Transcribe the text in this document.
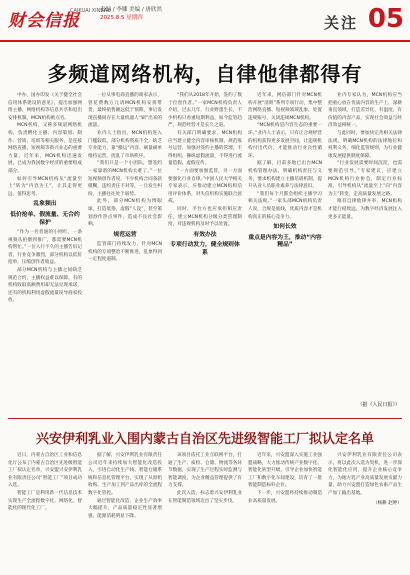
财会信报
CAIKUAI XINBAO
责编 / 李娜 美编 / 唐欣然
2025.8.5 星期四	关注 05
多频道网络机构，自律他律都得有

中办、国办印发《关于健全社会信用体系建设的意见》，提出加强网络主播、网络机构等信息共享和退出安排机制。MCN机构被点名。

MCN机构，又称多频道网络机构，负责孵化主播、内容策划、制作、营销、培训等相关服务，是连接网络直播、短视频等新兴业态的重要力量。近年来，MCN机构迅速发展，已成为我国数字经济的重要组成部分。

如何引导MCN机构从“流量至上”转为“内容为王”，让其走得更远，值得思考。

乱象频出
低价抢单、假流量、无合约保护

“作为一名普通的小网红，一条视频从拍摄到推广，都需要MCN机构帮忙。”一位入行不久的主播告诉记者，行业竞争激烈，部分机构以低价抢单，压缩创作者收益。

部分MCN机构与主播之间缺乏规范合约，主播权益难以保障。有的机构收取高额费用却无法兑现承诺，还有的机构利用虚假流量误导商家投放。

一位从事电商直播的商家表示，曾花费数万元请MCN机构安排带货，最终销售额远低于预期，事后发现直播间存在大量机器人“刷”出来的流量。

业内人士指出，MCN机构进入门槛较低，部分机构资质不全，缺乏专业能力，靠“搬运”内容、刷量刷单维持运营，扰乱了市场秩序。

“我们只是一个小团队，想签约一家靠谱的MCN机构太难了。”一位短视频创作者说，不少机构合同条款模糊，违约责任不对等，一旦发生纠纷，主播往往处于弱势。

此外，部分MCN机构为博眼球，打造低俗、虚假“人设”，甚至策划炒作热点事件，造成不良社会影响。

规范运营

监管部门持续发力，针对MCN机构的专项整治不断推进，乱象得到一定程度遏制。

“我们从2018年开始，签约了数十位创作者。”一家MCN机构负责人介绍，过去几年，行业野蛮生长，不少机构只看重短期利益，如今监管趋严，规范经营才是长久之道。

有关部门明确要求，MCN机构应当建立健全内容审核机制，规范账号运营，加强对签约主播的管理，不得组织、操纵虚假流量，不得进行流量造假、虚假宣传。

“一方面要加强监管，另一方面要强化行业自律。”中国人民大学相关专家表示，应推动建立MCN机构信用评价体系，对失信机构实施联合惩戒。

同时，平台方也应承担相应责任，建立MCN机构分级分类管理制度，对违规机构及时予以处置。

有效办法
专项行动发力，健全规则体系

近年来，网信部门针对MCN机构开展“清朗”系列专项行动，集中整治网络直播、短视频领域乱象，处置违规账号，关闭违规MCN机构。

“MCN机构是内容生态的重要一环。”业内人士表示，只有让合规经营的机构获得更多发展空间，让违规机构付出代价，才能推动行业良性循环。

据了解，目前多地已出台MCN机构管理办法，明确机构责任与义务，要求机构建立主播培训机制，提升从业人员职业素养与法律意识。

“我们每个月都会组织主播学习相关法规。”一家头部MCN机构负责人说，合规是底线，优质内容才是机构真正的核心竞争力。

如何长效
重点是内容为王，推动“内容精品”

业内专家认为，MCN机构应当把重心放在优质内容的生产上，深耕垂直领域，打造差异化、有温度、有价值的内容产品，实现社会效益与经济效益相统一。

与此同时，要加快完善相关法律法规，明确MCN机构的法律地位和权利义务，细化监管规则，为行业健康发展提供制度保障。

“行业发展需要时间沉淀，也需要规范引导。”专家建议，应建立MCN机构行业协会，制定行业标准，引导机构从“流量至上”向“内容为王”转变，走高质量发展之路。

唯有自律他律并举，MCN机构才能行稳致远，为数字经济发展注入更多正能量。

（据《人民日报》）
兴安伊利乳业入围内蒙古自治区先进级智能工厂拟认定名单

近日，内蒙古自治区工业和信息化厅公布了内蒙古自治区先进级智能工厂拟认定名单，兴安盟兴安伊利乳业有限责任公司“智能工厂”项目成功入选。

智能工厂是利用新一代信息技术实现生产全流程数字化、网络化、智能化的现代化工厂。

据了解，兴安伊利乳业有限责任公司近年来持续加大智能化改造投入，引进自动化生产线、智能仓储系统和信息化管理平台，实现了从原奶收购、生产加工到产品出库的全流程数字化管控。

通过智能化改造，企业生产效率大幅提升，产品质量稳定性显著增强，能源消耗明显下降。

该项目依托工业互联网平台，打通了生产、质检、仓储、物流等各环节数据，实现了生产过程实时监测与智能调度，为企业精益管理提供了有力支撑。

此次入选，标志着兴安伊利乳业在智能制造领域迈出了坚实步伐。

近年来，兴安盟深入实施工业强盟战略，大力推动传统产业数字化、智能化转型升级，引导企业加快智能工厂和数字化车间建设，培育了一批智能制造标杆企业。

下一步，兴安盟将持续推动制造业高质量发展。

兴安伊利乳业有限责任公司表示，将以此次入选为契机，进一步深化智能化应用，提升企业核心竞争力，为地方乳产业高质量发展贡献力量，助力兴安盟打造绿色农畜产品生产加工输出基地。

（杨耕 赵婷）
